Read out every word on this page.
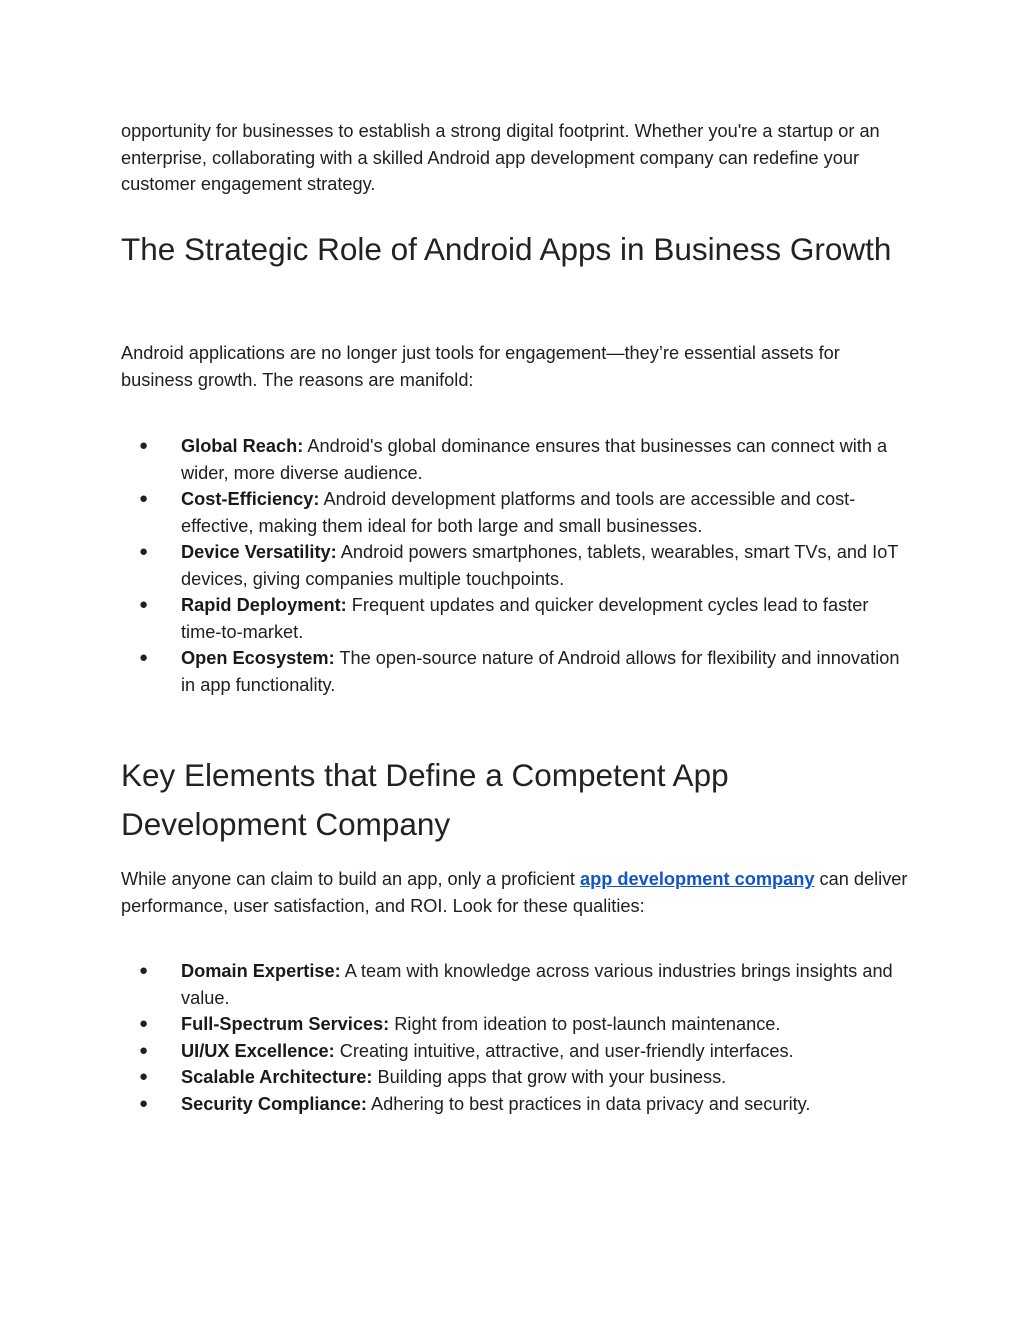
opportunity for businesses to establish a strong digital footprint. Whether you're a startup or an enterprise, collaborating with a skilled Android app development company can redefine your customer engagement strategy.

The Strategic Role of Android Apps in Business Growth

Android applications are no longer just tools for engagement—they’re essential assets for business growth. The reasons are manifold:

● Global Reach: Android's global dominance ensures that businesses can connect with a wider, more diverse audience.
● Cost-Efficiency: Android development platforms and tools are accessible and cost-effective, making them ideal for both large and small businesses.
● Device Versatility: Android powers smartphones, tablets, wearables, smart TVs, and IoT devices, giving companies multiple touchpoints.
● Rapid Deployment: Frequent updates and quicker development cycles lead to faster time-to-market.
● Open Ecosystem: The open-source nature of Android allows for flexibility and innovation in app functionality.
Key Elements that Define a Competent App Development Company

While anyone can claim to build an app, only a proficient app development company can deliver performance, user satisfaction, and ROI. Look for these qualities:

● Domain Expertise: A team with knowledge across various industries brings insights and value.
● Full-Spectrum Services: Right from ideation to post-launch maintenance.
● UI/UX Excellence: Creating intuitive, attractive, and user-friendly interfaces.
● Scalable Architecture: Building apps that grow with your business.
● Security Compliance: Adhering to best practices in data privacy and security.
